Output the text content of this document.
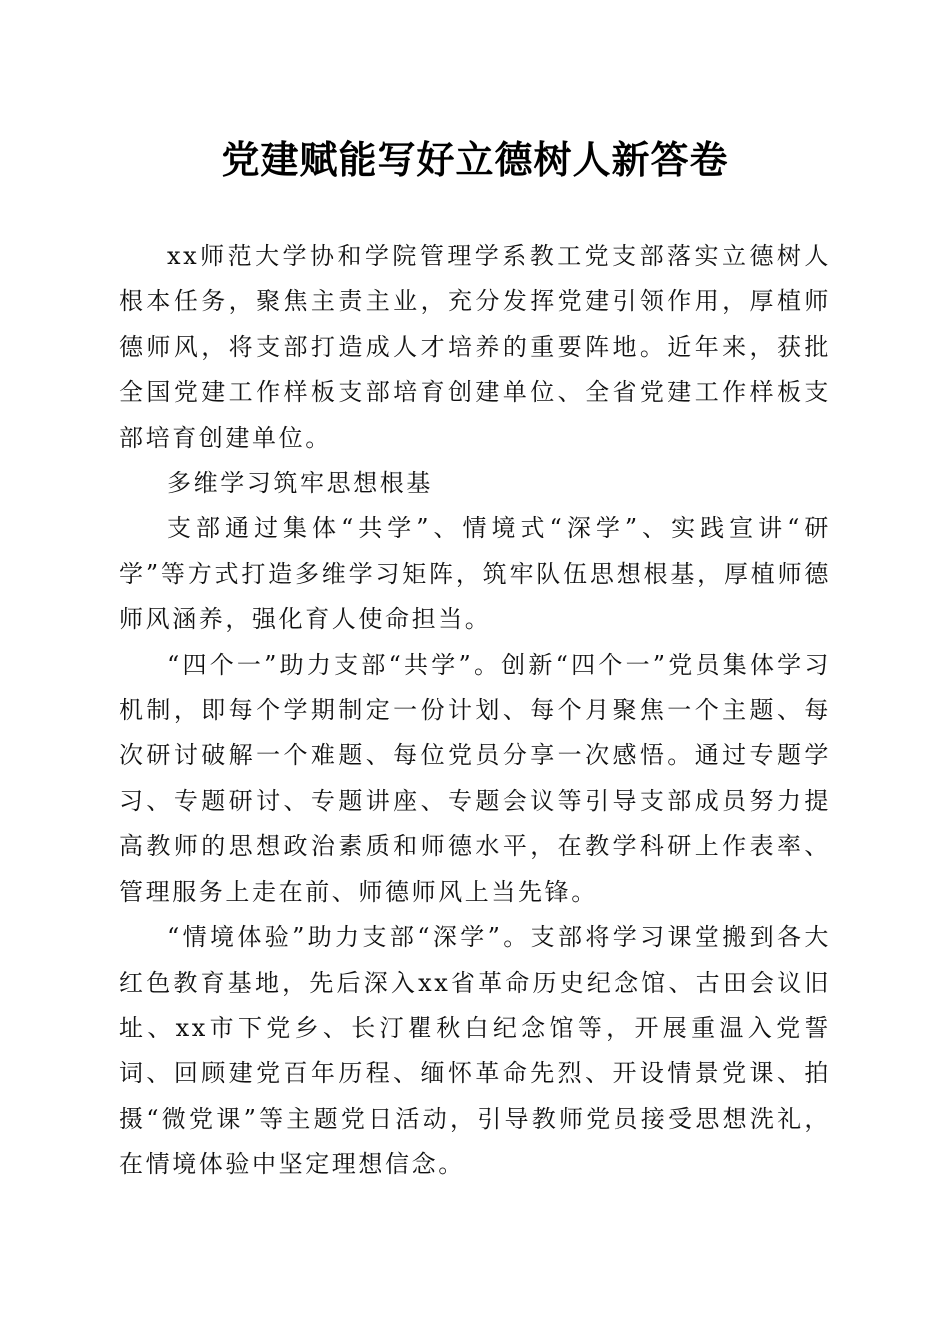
党建赋能写好立德树人新答卷

xx师范大学协和学院管理学系教工党支部落实立德树人根本任务，聚焦主责主业，充分发挥党建引领作用，厚植师德师风，将支部打造成人才培养的重要阵地。近年来，获批全国党建工作样板支部培育创建单位、全省党建工作样板支部培育创建单位。

多维学习筑牢思想根基

支部通过集体“共学”、情境式“深学”、实践宣讲“研学”等方式打造多维学习矩阵，筑牢队伍思想根基，厚植师德师风涵养，强化育人使命担当。

“四个一”助力支部“共学”。创新“四个一”党员集体学习机制，即每个学期制定一份计划、每个月聚焦一个主题、每次研讨破解一个难题、每位党员分享一次感悟。通过专题学习、专题研讨、专题讲座、专题会议等引导支部成员努力提高教师的思想政治素质和师德水平，在教学科研上作表率、管理服务上走在前、师德师风上当先锋。

“情境体验”助力支部“深学”。支部将学习课堂搬到各大红色教育基地，先后深入xx省革命历史纪念馆、古田会议旧址、xx市下党乡、长汀瞿秋白纪念馆等，开展重温入党誓词、回顾建党百年历程、缅怀革命先烈、开设情景党课、拍摄“微党课”等主题党日活动，引导教师党员接受思想洗礼，在情境体验中坚定理想信念。
